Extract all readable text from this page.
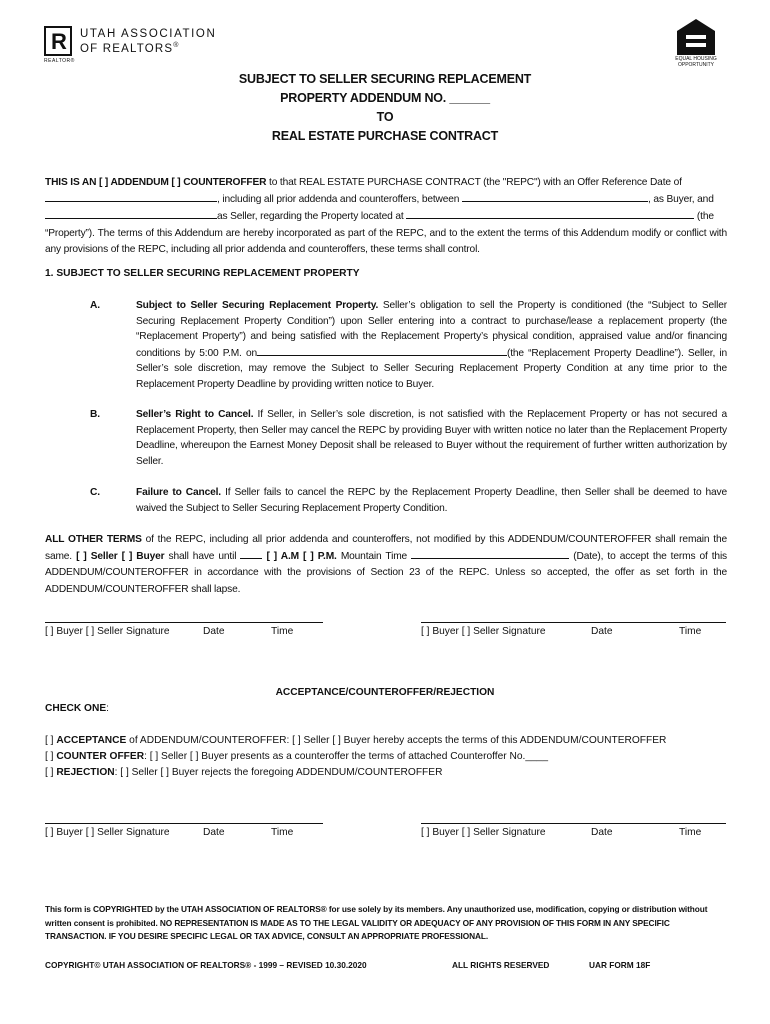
R
REALTOR®
UTAH ASSOCIATION
OF REALTORS®
EQUAL HOUSING
OPPORTUNITY
SUBJECT TO SELLER SECURING REPLACEMENT
PROPERTY ADDENDUM NO. ______
TO
REAL ESTATE PURCHASE CONTRACT
THIS IS AN [ ] ADDENDUM [ ] COUNTEROFFER to that REAL ESTATE PURCHASE CONTRACT (the "REPC") with an Offer Reference Date of
, including all prior addenda and counteroffers, between	, as Buyer, and
as Seller, regarding the Property located at	(the
“Property”). The terms of this Addendum are hereby incorporated as part of the REPC, and to the extent the terms of this Addendum modify or conflict with any provisions of the REPC, including all prior addenda and counteroffers, these terms shall control.
1. SUBJECT TO SELLER SECURING REPLACEMENT PROPERTY
A.	Subject to Seller Securing Replacement Property. Seller’s obligation to sell the Property is conditioned (the “Subject to Seller Securing Replacement Property Condition”) upon Seller entering into a contract to purchase/lease a replacement property (the “Replacement Property”) and being satisfied with the Replacement Property’s physical condition, appraised value and/or financing conditions by 5:00 P.M. on	(the “Replacement Property Deadline”). Seller, in Seller’s sole discretion, may remove the Subject to Seller Securing Replacement Property Condition at any time prior to the Replacement Property Deadline by providing written notice to Buyer.
B.	Seller’s Right to Cancel. If Seller, in Seller’s sole discretion, is not satisfied with the Replacement Property or has not secured a Replacement Property, then Seller may cancel the REPC by providing Buyer with written notice no later than the Replacement Property Deadline, whereupon the Earnest Money Deposit shall be released to Buyer without the requirement of further written authorization by Seller.
C.	Failure to Cancel. If Seller fails to cancel the REPC by the Replacement Property Deadline, then Seller shall be deemed to have waived the Subject to Seller Securing Replacement Property Condition.
ALL OTHER TERMS of the REPC, including all prior addenda and counteroffers, not modified by this ADDENDUM/COUNTEROFFER shall remain the same. [ ] Seller [ ] Buyer shall have until	[ ] A.M [ ] P.M. Mountain Time	(Date), to accept the terms of this ADDENDUM/COUNTEROFFER in accordance with the provisions of Section 23 of the REPC. Unless so accepted, the offer as set forth in the ADDENDUM/COUNTEROFFER shall lapse.
[ ] Buyer [ ] Seller Signature	Date	Time	[ ] Buyer [ ] Seller Signature	Date	Time
ACCEPTANCE/COUNTEROFFER/REJECTION
CHECK ONE:
[ ] ACCEPTANCE of ADDENDUM/COUNTEROFFER: [ ] Seller [ ] Buyer hereby accepts the terms of this ADDENDUM/COUNTEROFFER
[ ] COUNTER OFFER: [ ] Seller [ ] Buyer presents as a counteroffer the terms of attached Counteroffer No.____
[ ] REJECTION: [ ] Seller [ ] Buyer rejects the foregoing ADDENDUM/COUNTEROFFER
[ ] Buyer [ ] Seller Signature	Date	Time	[ ] Buyer [ ] Seller Signature	Date	Time
This form is COPYRIGHTED by the UTAH ASSOCIATION OF REALTORS® for use solely by its members. Any unauthorized use, modification, copying or distribution without written consent is prohibited. NO REPRESENTATION IS MADE AS TO THE LEGAL VALIDITY OR ADEQUACY OF ANY PROVISION OF THIS FORM IN ANY SPECIFIC TRANSACTION. IF YOU DESIRE SPECIFIC LEGAL OR TAX ADVICE, CONSULT AN APPROPRIATE PROFESSIONAL.
COPYRIGHT© UTAH ASSOCIATION OF REALTORS® - 1999 – REVISED 10.30.2020	ALL RIGHTS RESERVED	UAR FORM 18F
